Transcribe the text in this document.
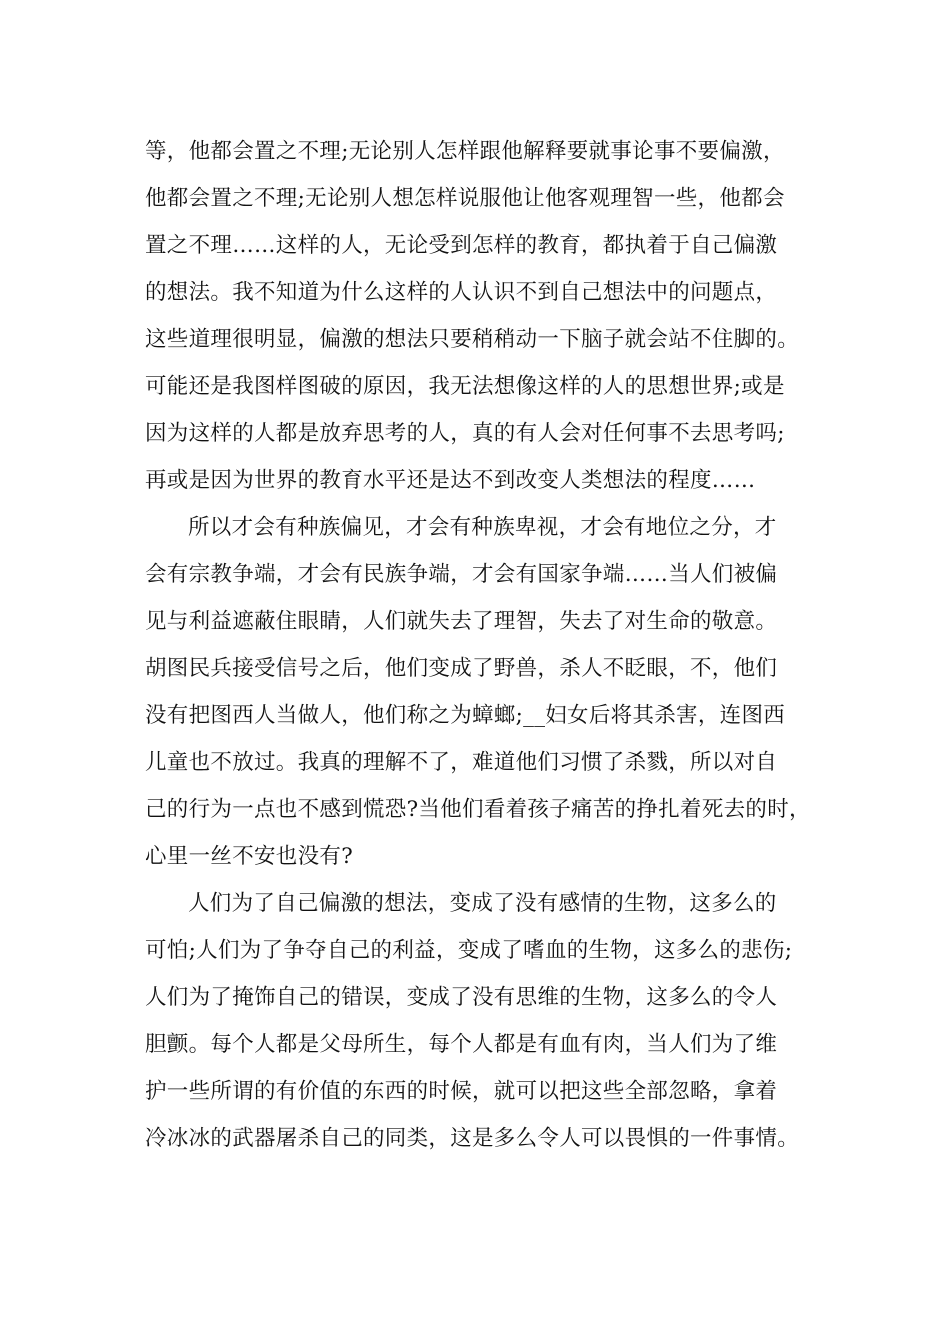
等，他都会置之不理;无论别人怎样跟他解释要就事论事不要偏激，
他都会置之不理;无论别人想怎样说服他让他客观理智一些，他都会
置之不理……这样的人，无论受到怎样的教育，都执着于自己偏激
的想法。我不知道为什么这样的人认识不到自己想法中的问题点，
这些道理很明显，偏激的想法只要稍稍动一下脑子就会站不住脚的。
可能还是我图样图破的原因，我无法想像这样的人的思想世界;或是
因为这样的人都是放弃思考的人，真的有人会对任何事不去思考吗;
再或是因为世界的教育水平还是达不到改变人类想法的程度……
所以才会有种族偏见，才会有种族卑视，才会有地位之分，才
会有宗教争端，才会有民族争端，才会有国家争端……当人们被偏
见与利益遮蔽住眼睛，人们就失去了理智，失去了对生命的敬意。
胡图民兵接受信号之后，他们变成了野兽，杀人不眨眼，不，他们
没有把图西人当做人，他们称之为蟑螂;__妇女后将其杀害，连图西
儿童也不放过。我真的理解不了，难道他们习惯了杀戮，所以对自
己的行为一点也不感到慌恐?当他们看着孩子痛苦的挣扎着死去的时，
心里一丝不安也没有?
人们为了自己偏激的想法，变成了没有感情的生物，这多么的
可怕;人们为了争夺自己的利益，变成了嗜血的生物，这多么的悲伤;
人们为了掩饰自己的错误，变成了没有思维的生物，这多么的令人
胆颤。每个人都是父母所生，每个人都是有血有肉，当人们为了维
护一些所谓的有价值的东西的时候，就可以把这些全部忽略，拿着
冷冰冰的武器屠杀自己的同类，这是多么令人可以畏惧的一件事情。
